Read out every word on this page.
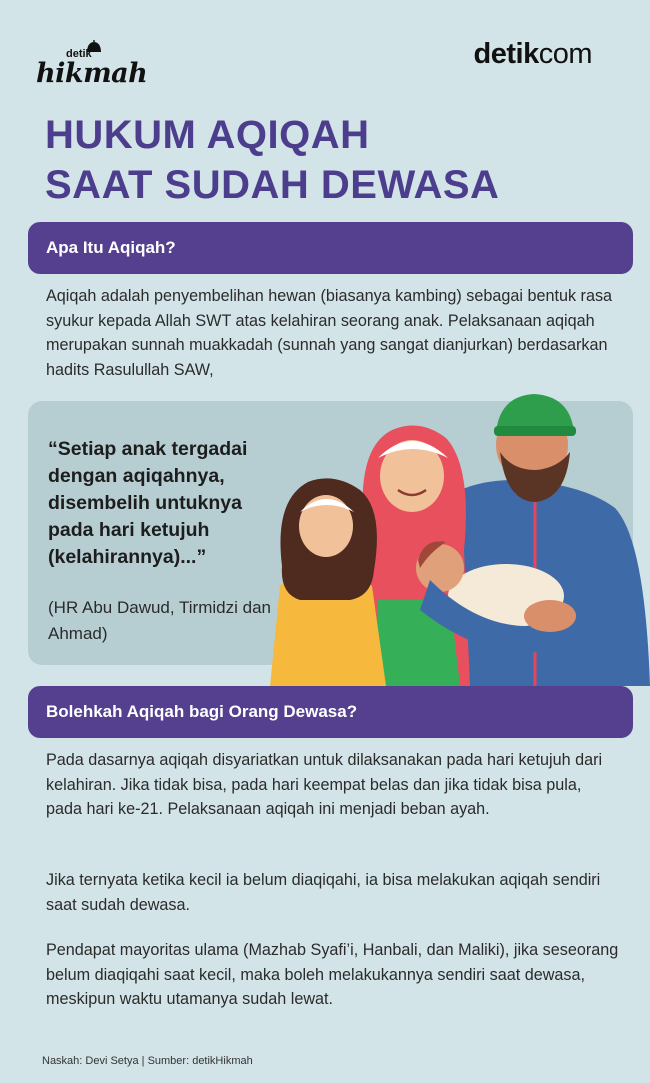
detik
hikmah
detikcom
HUKUM AQIQAH
SAAT SUDAH DEWASA
Apa Itu Aqiqah?

Aqiqah adalah penyembelihan hewan (biasanya kambing) sebagai bentuk rasa syukur kepada Allah SWT atas kelahiran seorang anak. Pelaksanaan aqiqah merupakan sunnah muakkadah (sunnah yang sangat dianjurkan) berdasarkan hadits Rasulullah SAW,

“Setiap anak tergadai dengan aqiqahnya, disembelih untuknya pada hari ketujuh (kelahirannya)...”

(HR Abu Dawud, Tirmidzi dan Ahmad)

Bolehkah Aqiqah bagi Orang Dewasa?

Pada dasarnya aqiqah disyariatkan untuk dilaksanakan pada hari ketujuh dari kelahiran. Jika tidak bisa, pada hari keempat belas dan jika tidak bisa pula, pada hari ke-21. Pelaksanaan aqiqah ini menjadi beban ayah.

Jika ternyata ketika kecil ia belum diaqiqahi, ia bisa melakukan aqiqah sendiri saat sudah dewasa.

Pendapat mayoritas ulama (Mazhab Syafi’i, Hanbali, dan Maliki), jika seseorang belum diaqiqahi saat kecil, maka boleh melakukannya sendiri saat dewasa, meskipun waktu utamanya sudah lewat.

Naskah: Devi Setya | Sumber: detikHikmah
